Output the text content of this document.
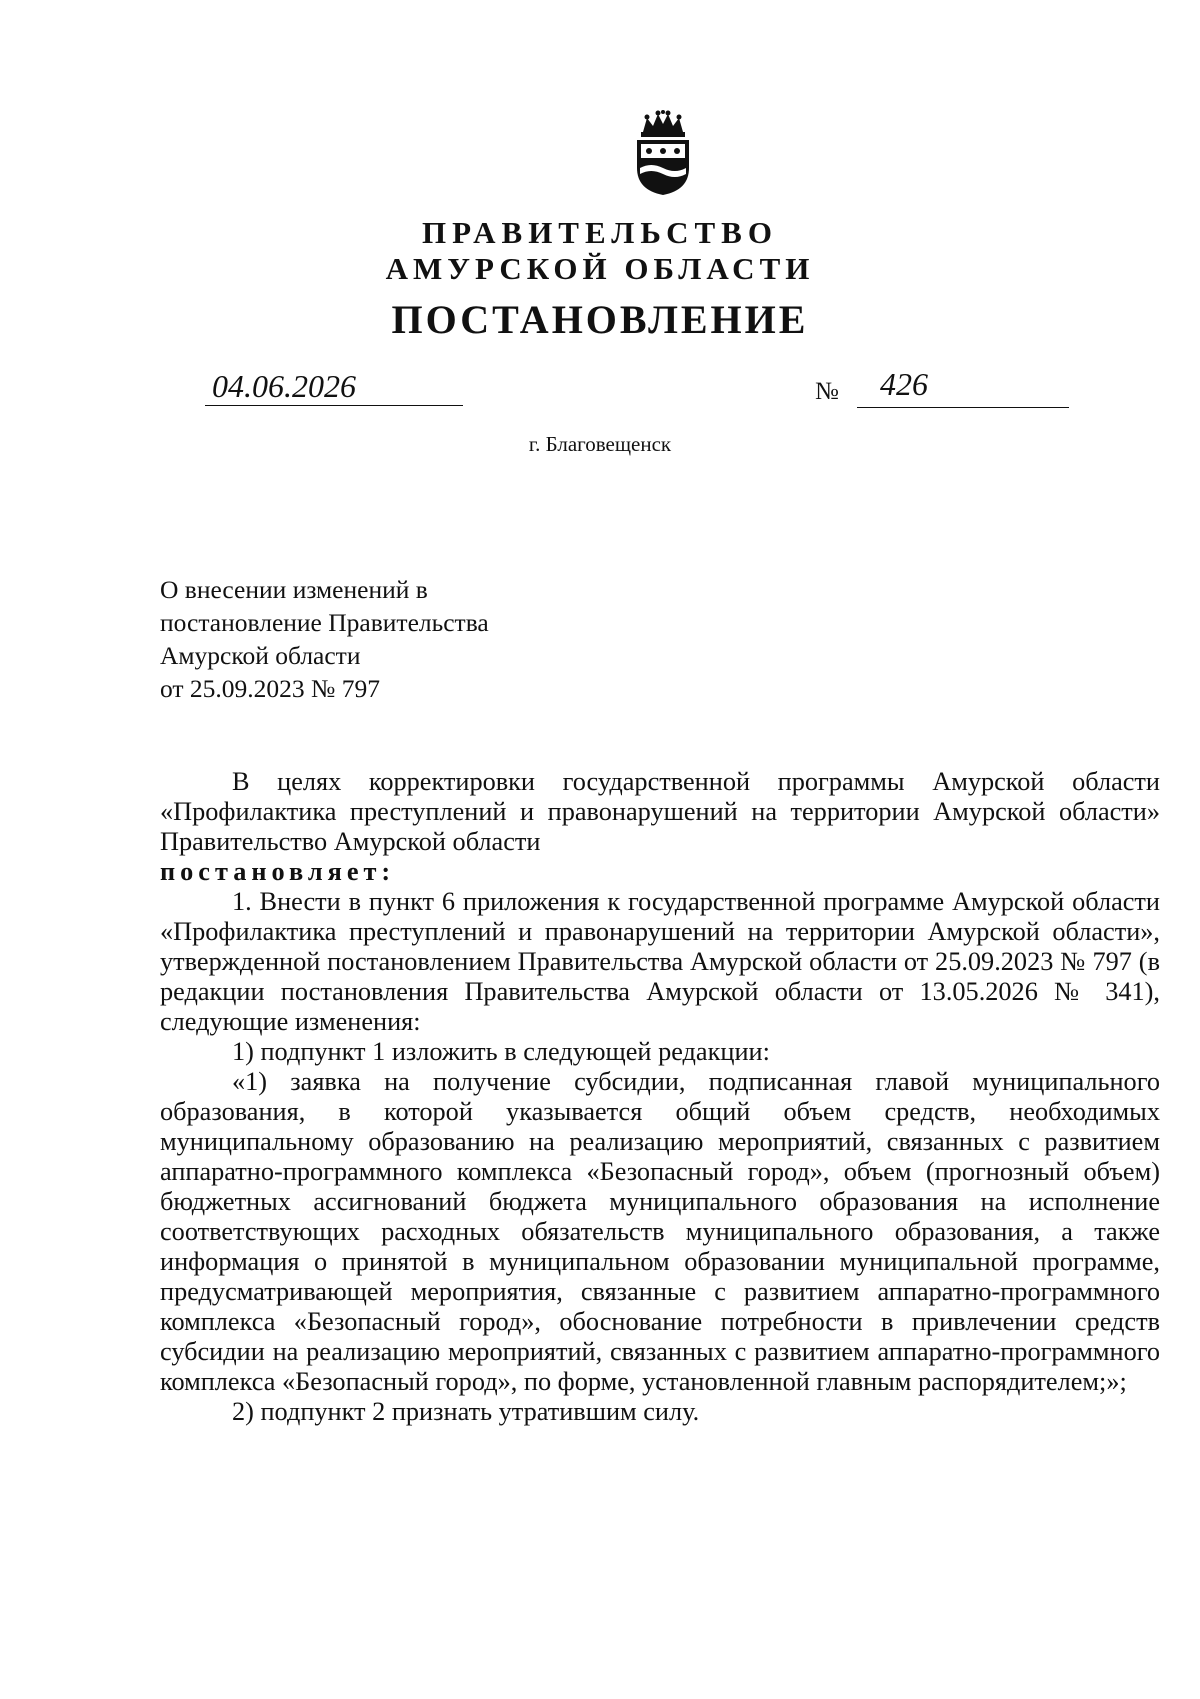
ПРАВИТЕЛЬСТВО
АМУРСКОЙ ОБЛАСТИ
ПОСТАНОВЛЕНИЕ
04.06.2026	№ 426
г. Благовещенск
О внесении изменений в
постановление Правительства
Амурской области
от 25.09.2023 № 797

В целях корректировки государственной программы Амурской области «Профилактика преступлений и правонарушений на территории Амурской области» Правительство Амурской области

постановляет:

1. Внести в пункт 6 приложения к государственной программе Амурской области «Профилактика преступлений и правонарушений на территории Амурской области», утвержденной постановлением Правительства Амурской области от 25.09.2023 № 797 (в редакции постановления Правительства Амурской области от 13.05.2026 № 341), следующие изменения:

1) подпункт 1 изложить в следующей редакции:

«1) заявка на получение субсидии, подписанная главой муниципального образования, в которой указывается общий объем средств, необходимых муниципальному образованию на реализацию мероприятий, связанных с развитием аппаратно-программного комплекса «Безопасный город», объем (прогнозный объем) бюджетных ассигнований бюджета муниципального образования на исполнение соответствующих расходных обязательств муниципального образования, а также информация о принятой в муниципальном образовании муниципальной программе, предусматривающей мероприятия, связанные с развитием аппаратно-программного комплекса «Безопасный город», обоснование потребности в привлечении средств субсидии на реализацию мероприятий, связанных с развитием аппаратно-программного комплекса «Безопасный город», по форме, установленной главным распорядителем;»;

2) подпункт 2 признать утратившим силу.
